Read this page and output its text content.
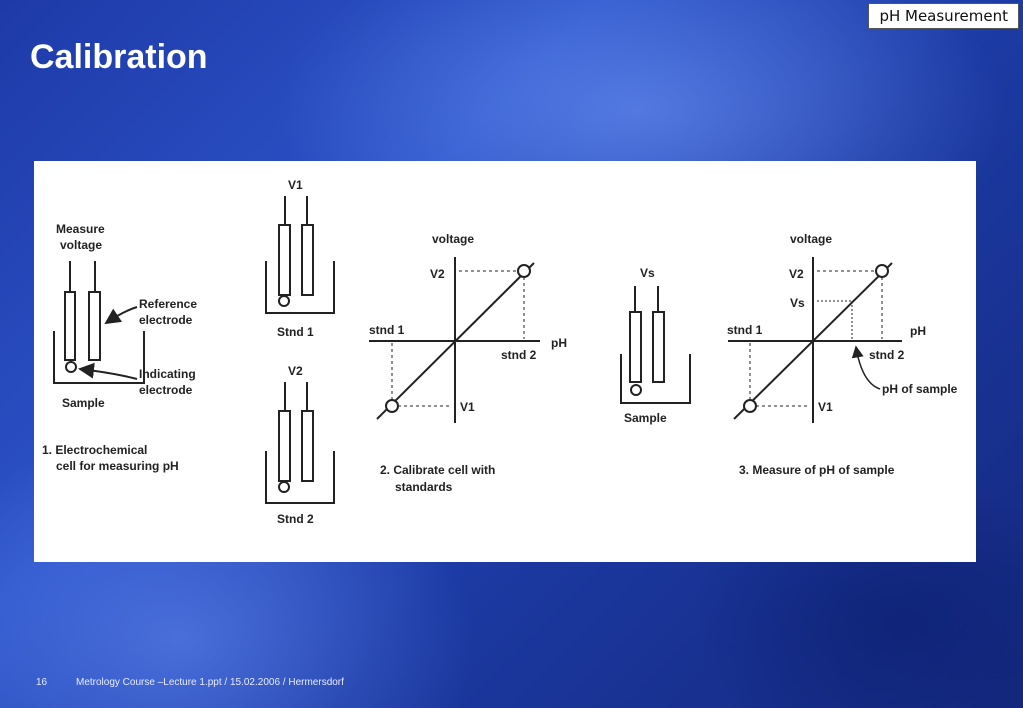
pH Measurement
Calibration
Measure
voltage
Reference
electrode
Indicating
electrode
Sample
1. Electrochemical
cell for measuring pH
V1
Stnd 1
V2
Stnd 2
voltage
V2
stnd 1
pH
stnd 2
V1
2. Calibrate cell with
standards
Vs
Sample
voltage
V2
Vs
stnd 1	pH
stnd 2
pH of sample
V1
3. Measure of pH of sample
16	Metrology Course –Lecture 1.ppt / 15.02.2006 / Hermersdorf
